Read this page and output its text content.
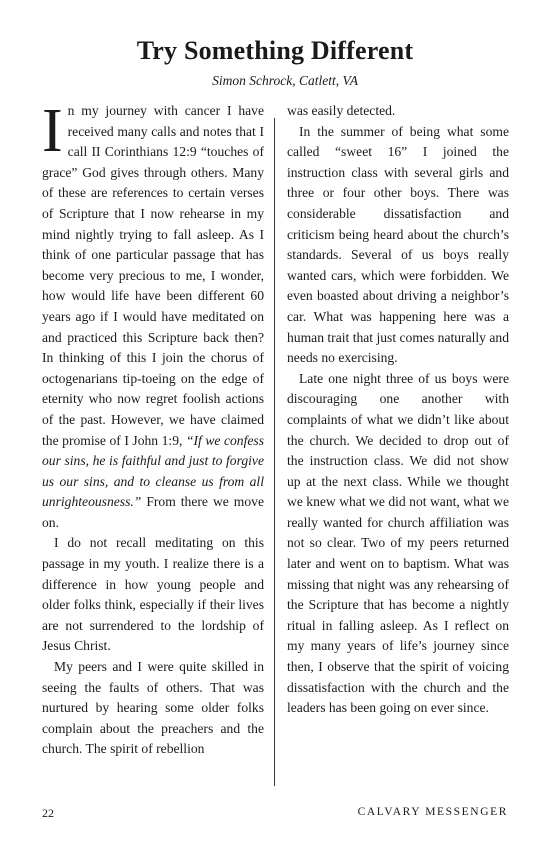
Try Something Different
Simon Schrock, Catlett, VA

In my journey with cancer I have received many calls and notes that I call II Corinthians 12:9 “touches of grace” God gives through others. Many of these are references to certain verses of Scripture that I now rehearse in my mind nightly trying to fall asleep. As I think of one particular passage that has become very precious to me, I wonder, how would life have been different 60 years ago if I would have meditated on and practiced this Scripture back then? In thinking of this I join the chorus of octogenarians tip-toeing on the edge of eternity who now regret foolish actions of the past. However, we have claimed the promise of I John 1:9, “If we confess our sins, he is faithful and just to forgive us our sins, and to cleanse us from all unrighteousness.” From there we move on.

I do not recall meditating on this passage in my youth. I realize there is a difference in how young people and older folks think, especially if their lives are not surrendered to the lordship of Jesus Christ.

My peers and I were quite skilled in seeing the faults of others. That was nurtured by hearing some older folks complain about the preachers and the church. The spirit of rebellion

was easily detected.

In the summer of being what some called “sweet 16” I joined the instruction class with several girls and three or four other boys. There was considerable dissatisfaction and criticism being heard about the church’s standards. Several of us boys really wanted cars, which were forbidden. We even boasted about driving a neighbor’s car. What was happening here was a human trait that just comes naturally and needs no exercising.

Late one night three of us boys were discouraging one another with complaints of what we didn’t like about the church. We decided to drop out of the instruction class. We did not show up at the next class. While we thought we knew what we did not want, what we really wanted for church affiliation was not so clear. Two of my peers returned later and went on to baptism. What was missing that night was any rehearsing of the Scripture that has become a nightly ritual in falling asleep. As I reflect on my many years of life’s journey since then, I observe that the spirit of voicing dissatisfaction with the church and the leaders has been going on ever since.

22	CALVARY MESSENGER
